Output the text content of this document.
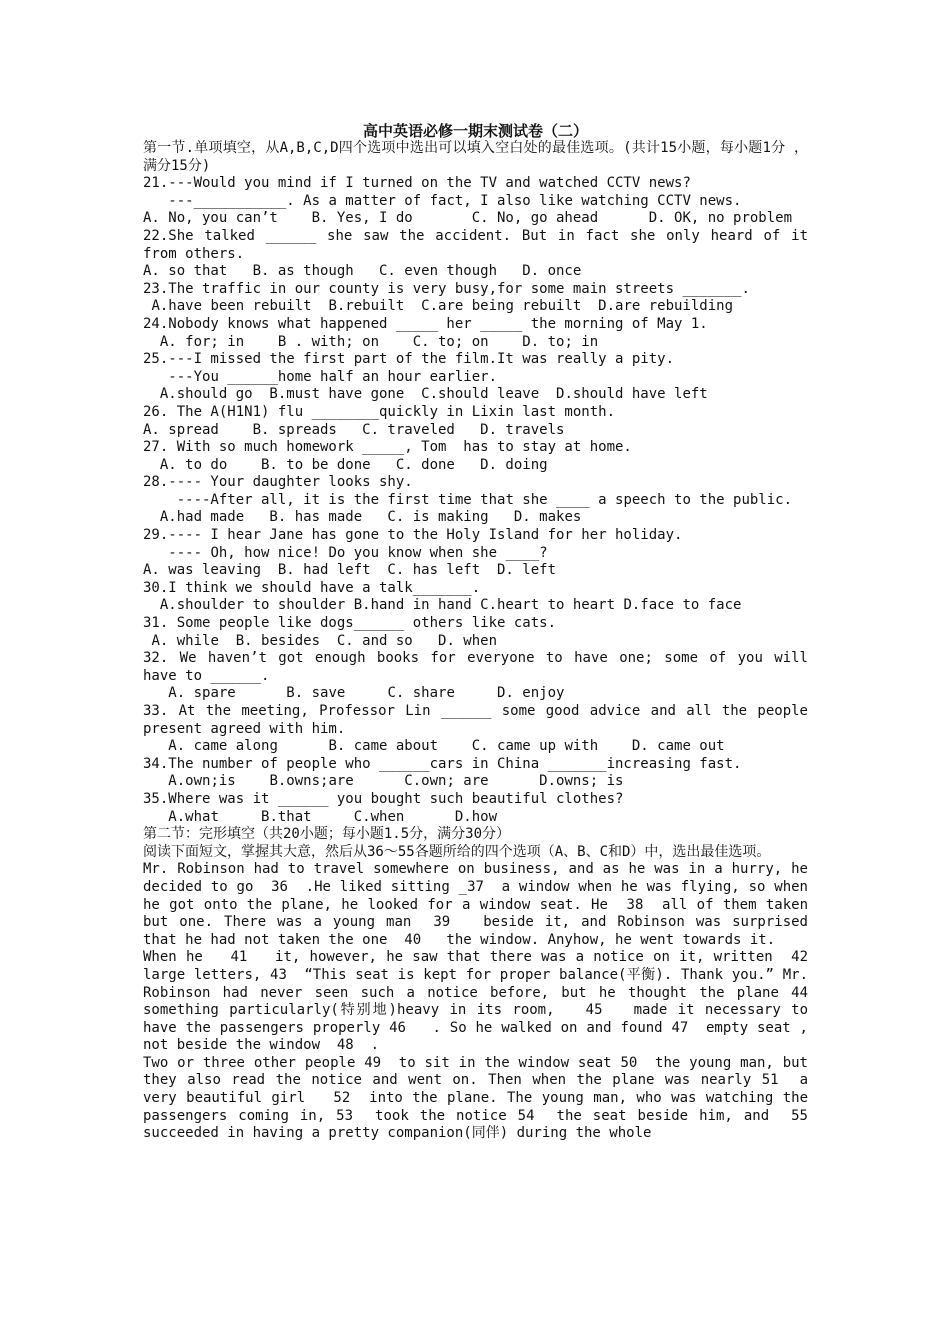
高中英语必修一期末测试卷（二）
第一节.单项填空，从A,B,C,D四个选项中选出可以填入空白处的最佳选项。(共计15小题，每小题1分 ，满分15分)
21.---Would you mind if I turned on the TV and watched CCTV news?
---___________. As a matter of fact, I also like watching CCTV news.
A. No, you can’t    B. Yes, I do       C. No, go ahead      D. OK, no problem
22.She talked ______ she saw the accident. But in fact she only heard of it from others.
A. so that   B. as though   C. even though   D. once
23.The traffic in our county is very busy,for some main streets _______.
A.have been rebuilt  B.rebuilt  C.are being rebuilt  D.are rebuilding
24.Nobody knows what happened _____ her _____ the morning of May 1.
A. for; in    B . with; on    C. to; on    D. to; in
25.---I missed the first part of the film.It was really a pity.
---You ______home half an hour earlier.
A.should go  B.must have gone  C.should leave  D.should have left
26. The A(H1N1) flu ________quickly in Lixin last month.
A. spread    B. spreads   C. traveled   D. travels
27. With so much homework _____, Tom  has to stay at home.
A. to do    B. to be done   C. done   D. doing
28.---- Your daughter looks shy.
----After all, it is the first time that she ____ a speech to the public.
A.had made   B. has made   C. is making   D. makes
29.---- I hear Jane has gone to the Holy Island for her holiday.
---- Oh, how nice! Do you know when she ____?
A. was leaving  B. had left  C. has left  D. left
30.I think we should have a talk_______.
A.shoulder to shoulder B.hand in hand C.heart to heart D.face to face
31. Some people like dogs______ others like cats.
A. while  B. besides  C. and so   D. when
32. We haven’t got enough books for everyone to have one; some of you will have to ______.
A. spare      B. save     C. share     D. enjoy
33. At the meeting, Professor Lin ______ some good advice and all the people present agreed with him.
A. came along      B. came about    C. came up with    D. came out
34.The number of people who ______cars in China _______increasing fast.
A.own;is    B.owns;are      C.own; are      D.owns; is
35.Where was it ______ you bought such beautiful clothes?
A.what     B.that     C.when      D.how
第二节：完形填空（共20小题；每小题1.5分，满分30分）
阅读下面短文，掌握其大意，然后从36～55各题所给的四个选项（A、B、C和D）中，选出最佳选项。
Mr. Robinson had to travel somewhere on business, and as he was in a hurry, he decided to go  36  .He liked sitting _37  a window when he was flying, so when he got onto the plane, he looked for a window seat. He  38  all of them taken but one. There was a young man  39   beside it, and Robinson was surprised that he had not taken the one  40   the window. Anyhow, he went towards it.
When he   41   it, however, he saw that there was a notice on it, written  42  large letters, 43  “This seat is kept for proper balance(平衡). Thank you.” Mr. Robinson had never seen such a notice before, but he thought the plane 44  something particularly(特别地)heavy in its room,   45   made it necessary to have the passengers properly 46   . So he walked on and found 47  empty seat , not beside the window  48  .
Two or three other people 49  to sit in the window seat 50  the young man, but they also read the notice and went on. Then when the plane was nearly 51  a very beautiful girl   52  into the plane. The young man, who was watching the passengers coming in, 53  took the notice 54  the seat beside him, and  55  succeeded in having a pretty companion(同伴) during the whole
